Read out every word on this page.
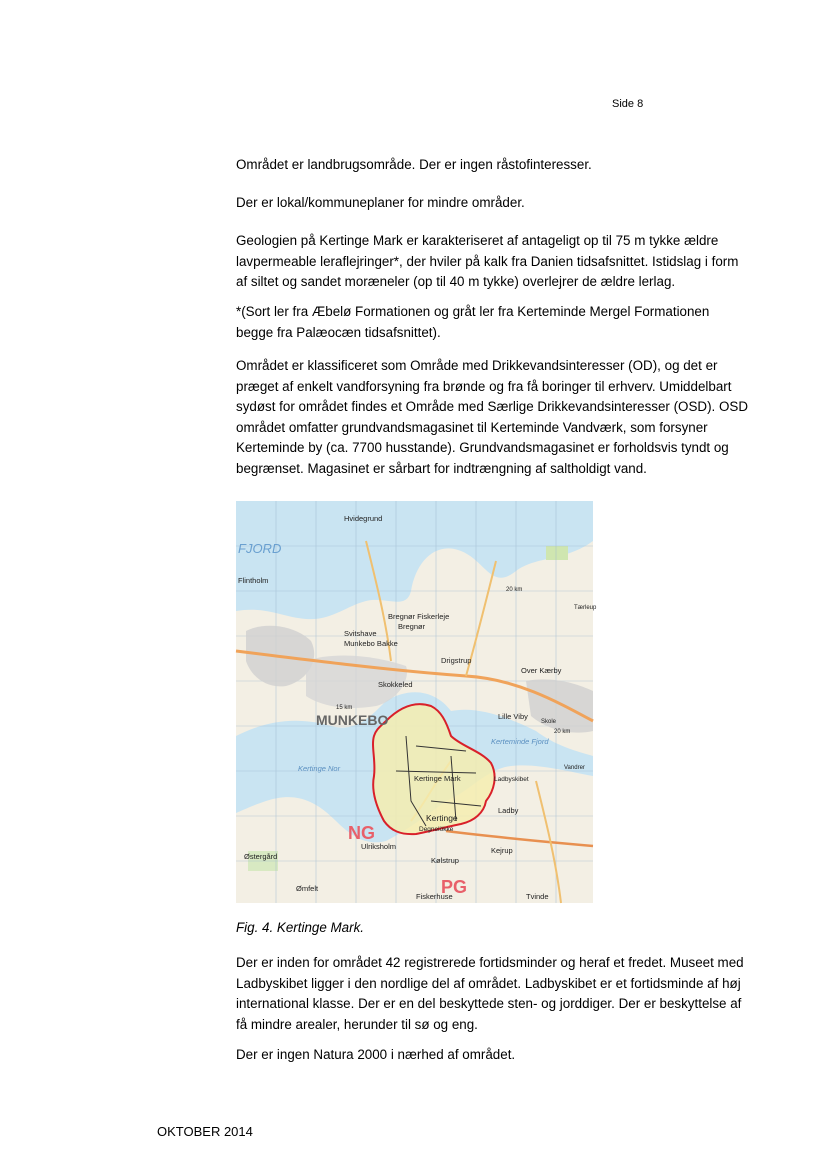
Side 8

Området er landbrugsområde. Der er ingen råstofinteresser.

Der er lokal/kommuneplaner for mindre områder.

Geologien på Kertinge Mark er karakteriseret af antageligt op til 75 m tykke ældre lavpermeable leraflejringer*, der hviler på kalk fra Danien tidsafsnittet. Istidslag i form af siltet og sandet moræneler (op til 40 m tykke) overlejrer de ældre lerlag.

*(Sort ler fra Æbelø Formationen og gråt ler fra Kerteminde Mergel Formationen begge fra Palæocæn tidsafsnittet).

Området er klassificeret som Område med Drikkevandsinteresser (OD), og det er præget af enkelt vandforsyning fra brønde og fra få boringer til erhverv. Umiddelbart sydøst for området findes et Område med Særlige Drikkevandsinteresser (OSD). OSD området omfatter grundvandsmagasinet til Kerteminde Vandværk, som forsyner Kerteminde by (ca. 7700 husstande). Grundvandsmagasinet er forholdsvis tyndt og begrænset. Magasinet er sårbart for indtrængning af saltholdigt vand.

NG
PG
Hvidegrund
FJORD
Flintholm
Bregnør Fiskerleje
Bregnør
Svitshave
Munkebo Bakke
Drigstrup
Over Kærby
Skokkeled
MUNKEBO	Lille Viby
Kerteminde Fjord
Kertinge Nor
Kertinge Mark	Ladbyskibet
Kertinge
Degnelökke
Ladby
Ulriksholm
Kølstrup
Kejrup
Østergård
Ømfelt
Fiskerhuse	Tvinde
15 km
20 km
20 km
Skole
Vandrer
Tærleup
Fig. 4. Kertinge Mark.

Der er inden for området 42 registrerede fortidsminder og heraf et fredet. Museet med Ladbyskibet ligger i den nordlige del af området. Ladbyskibet er et fortidsminde af høj international klasse. Der er en del beskyttede sten- og jorddiger. Der er beskyttelse af få mindre arealer, herunder til sø og eng.

Der er ingen Natura 2000 i nærhed af området.

OKTOBER 2014
